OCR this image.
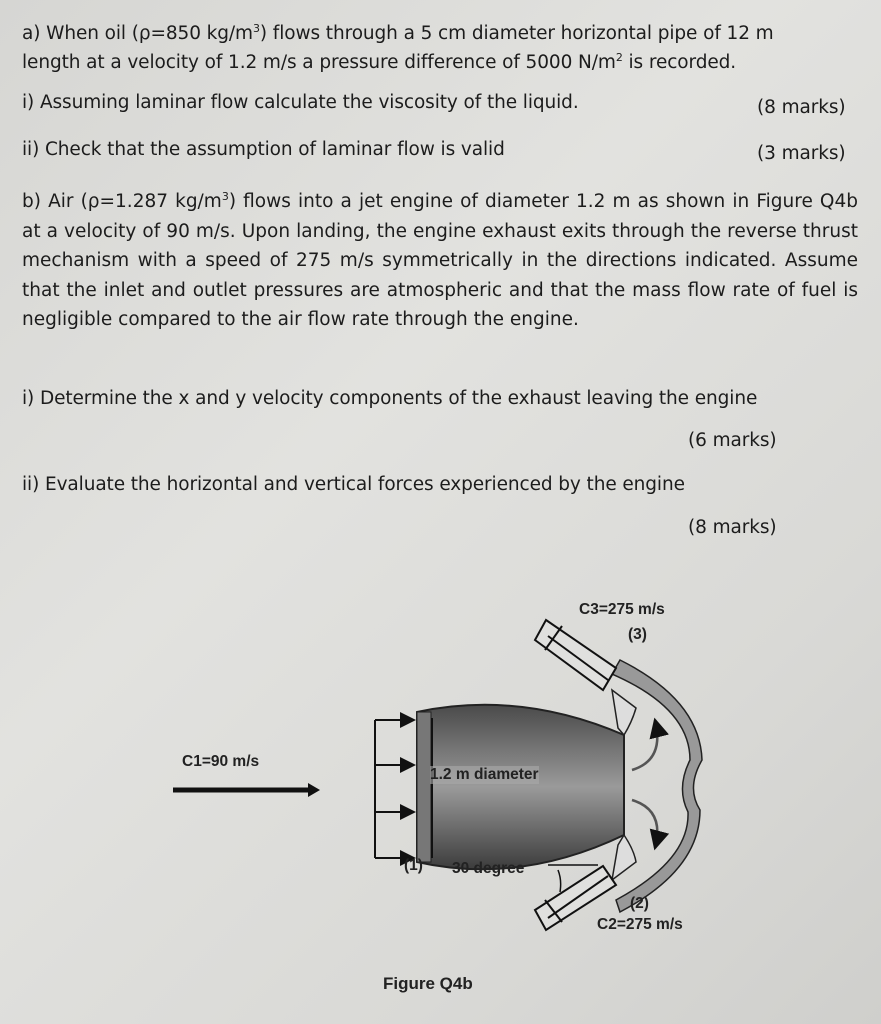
a) When oil (ρ=850 $kg/m^3$) flows through a 5 cm diameter horizontal pipe of 12 m
length at a velocity of 1.2 m/s a pressure difference of 5000 $N/m^2$ is recorded.
i) Assuming laminar flow calculate the viscosity of the liquid.	(8 marks)
ii) Check that the assumption of laminar flow is valid	(3 marks)
b) Air (ρ=1.287 $kg/m^3$) flows into a jet engine of diameter 1.2 m as shown in Figure Q4b at a velocity of 90 m/s. Upon landing, the engine exhaust exits through the reverse thrust mechanism with a speed of 275 m/s symmetrically in the directions indicated. Assume that the inlet and outlet pressures are atmospheric and that the mass flow rate of fuel is negligible compared to the air flow rate through the engine.
i) Determine the x and y velocity components of the exhaust leaving the engine
(6 marks)
ii) Evaluate the horizontal and vertical forces experienced by the engine
(8 marks)
C1=90 m/s
C3=275 m/s
(3)
1.2 m diameter
(1) 30 degree
(2)
C2=275 m/s
Figure Q4b
